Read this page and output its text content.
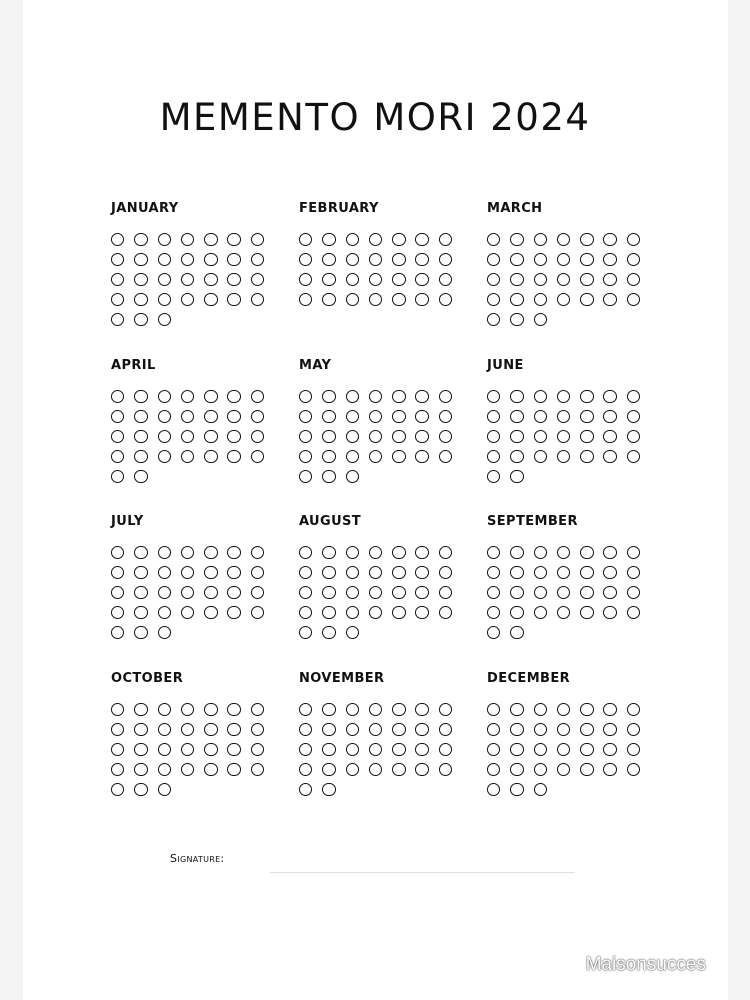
MEMENTO MORI 2024
JANUARY	FEBRUARY	MARCH
APRIL	MAY	JUNE
JULY	AUGUST	SEPTEMBER
OCTOBER	NOVEMBER	DECEMBER
Signature:
Maisonsucces
